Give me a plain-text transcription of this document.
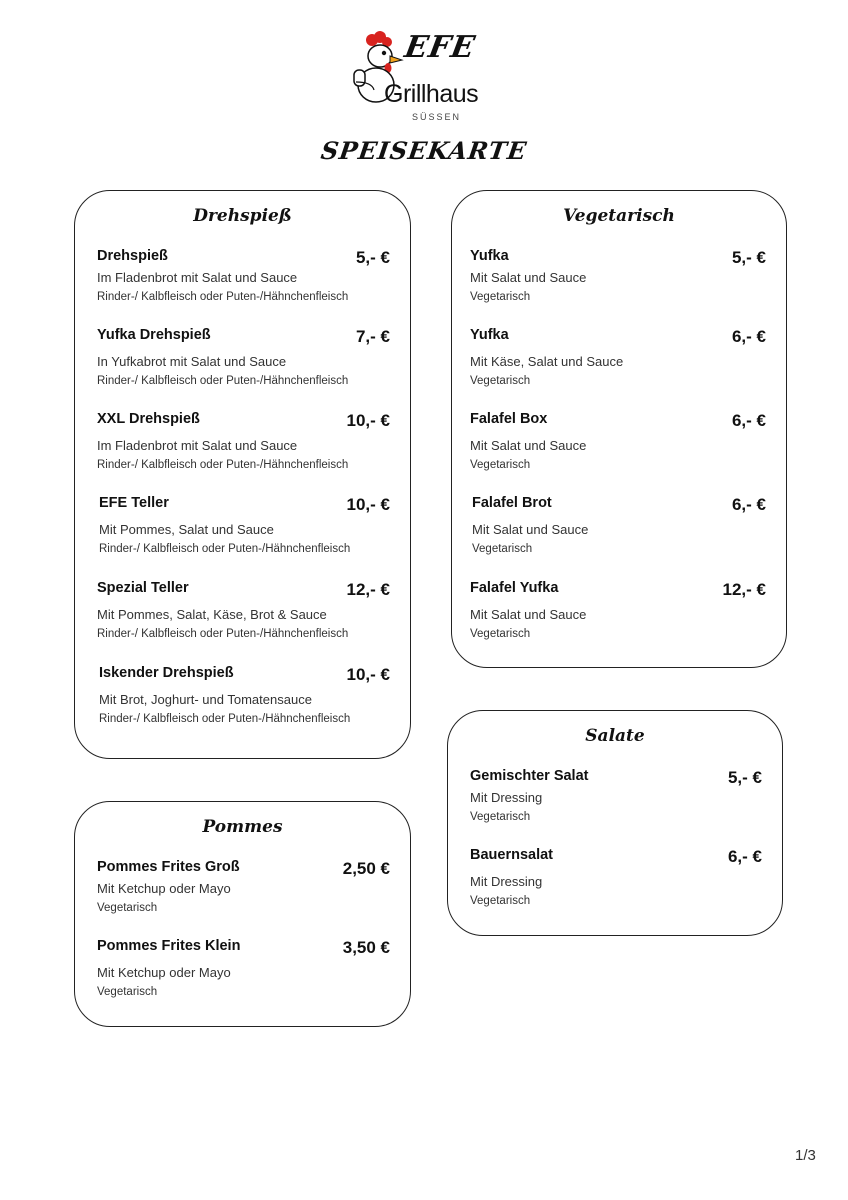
EFE
Grillhaus
SÜSSEN
SPEISEKARTE
Drehspieß
Drehspieß	5,- €
Im Fladenbrot mit Salat und Sauce
Rinder-/ Kalbfleisch oder Puten-/Hähnchenfleisch
Yufka Drehspieß	7,- €
In Yufkabrot mit Salat und Sauce
Rinder-/ Kalbfleisch oder Puten-/Hähnchenfleisch
XXL Drehspieß	10,- €
Im Fladenbrot mit Salat und Sauce
Rinder-/ Kalbfleisch oder Puten-/Hähnchenfleisch
EFE Teller	10,- €
Mit Pommes, Salat und Sauce
Rinder-/ Kalbfleisch oder Puten-/Hähnchenfleisch
Spezial Teller	12,- €
Mit Pommes, Salat, Käse, Brot & Sauce
Rinder-/ Kalbfleisch oder Puten-/Hähnchenfleisch
Iskender Drehspieß	10,- €
Mit Brot, Joghurt- und Tomatensauce
Rinder-/ Kalbfleisch oder Puten-/Hähnchenfleisch
Vegetarisch
Yufka	5,- €
Mit Salat und Sauce
Vegetarisch
Yufka	6,- €
Mit Käse, Salat und Sauce
Vegetarisch
Falafel Box	6,- €
Mit Salat und Sauce
Vegetarisch
Falafel Brot	6,- €
Mit Salat und Sauce
Vegetarisch
Falafel Yufka	12,- €
Mit Salat und Sauce
Vegetarisch
Salate
Gemischter Salat	5,- €
Mit Dressing
Vegetarisch
Bauernsalat	6,- €
Mit Dressing
Vegetarisch
Pommes
Pommes Frites Groß	2,50 €
Mit Ketchup oder Mayo
Vegetarisch
Pommes Frites Klein	3,50 €
Mit Ketchup oder Mayo
Vegetarisch
1/3
